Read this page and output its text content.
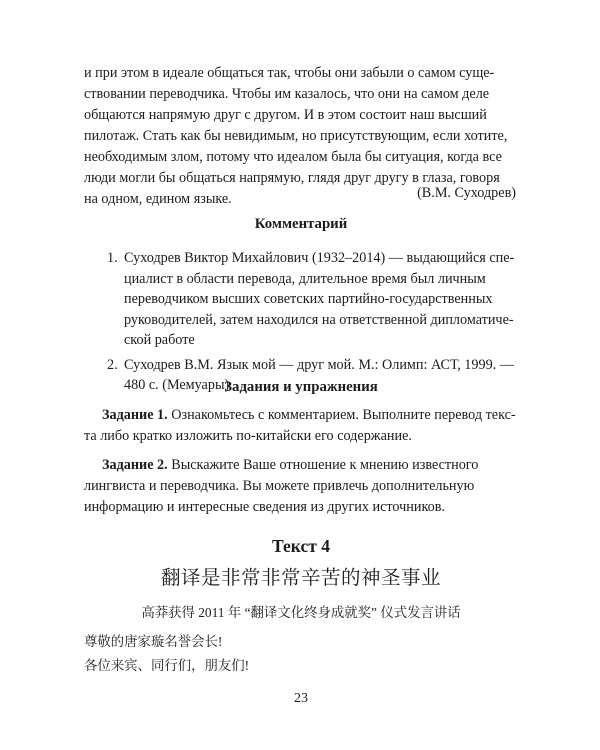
и при этом в идеале общаться так, чтобы они забыли о самом суще-
ствовании переводчика. Чтобы им казалось, что они на самом деле
общаются напрямую друг с другом. И в этом состоит наш высший
пилотаж. Стать как бы невидимым, но присутствующим, если хотите,
необходимым злом, потому что идеалом была бы ситуация, когда все
люди могли бы общаться напрямую, глядя друг другу в глаза, говоря
на одном, едином языке.	(В.М. Суходрев)
Комментарий
1. Суходрев Виктор Михайлович (1932–2014) — выдающийся спе-
циалист в области перевода, длительное время был личным
переводчиком высших советских партийно-государственных
руководителей, затем находился на ответственной дипломатиче-
ской работе
2. Суходрев В.М. Язык мой — друг мой. М.: Олимп: АСТ, 1999. —
480 с. (Мемуары)
Задания и упражнения
Задание 1. Ознакомьтесь с комментарием. Выполните перевод текс-
та либо кратко изложить по-китайски его содержание.
Задание 2. Выскажите Ваше отношение к мнению известного
лингвиста и переводчика. Вы можете привлечь дополнительную
информацию и интересные сведения из других источников.
Текст 4
翻译是非常非常辛苦的神圣事业
高莽获得 2011 年 “翻译文化终身成就奖” 仪式发言讲话
尊敬的唐家璇名誉会长!
各位来宾、同行们，朋友们!
23
